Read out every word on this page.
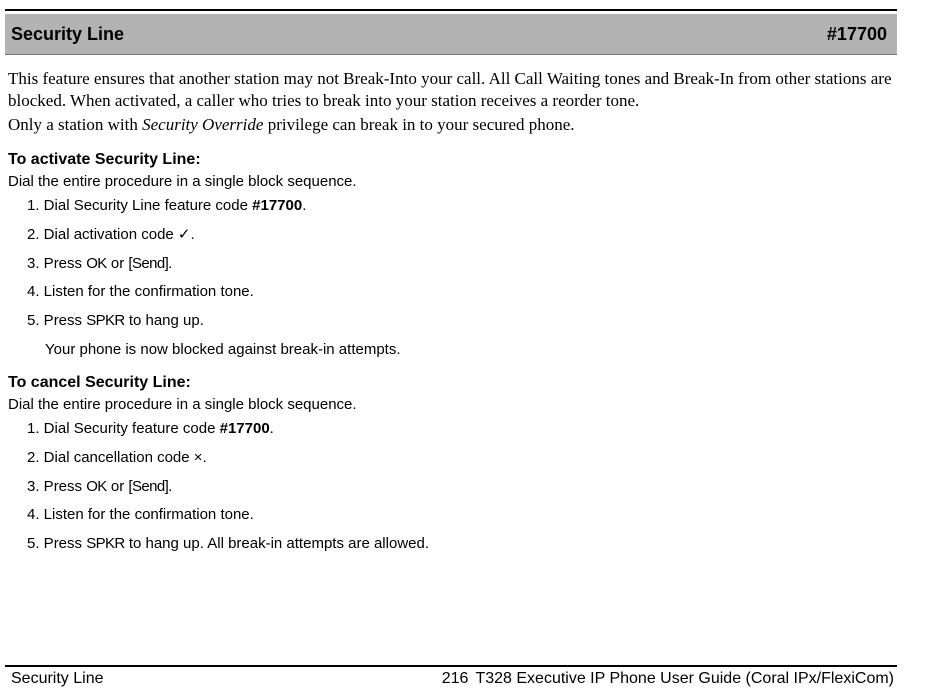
Security Line	#17700

This feature ensures that another station may not Break-Into your call. All Call Waiting tones and Break-In from other stations are blocked. When activated, a caller who tries to break into your station receives a reorder tone.

Only a station with Security Override privilege can break in to your secured phone.

To activate Security Line:

Dial the entire procedure in a single block sequence.

1. Dial Security Line feature code #17700.
2. Dial activation code ✓.
3. Press OK or [Send].
4. Listen for the confirmation tone.
5. Press SPKR to hang up.

Your phone is now blocked against break-in attempts.

To cancel Security Line:

Dial the entire procedure in a single block sequence.

1. Dial Security feature code #17700.
2. Dial cancellation code ×.
3. Press OK or [Send].
4. Listen for the confirmation tone.
5. Press SPKR to hang up. All break-in attempts are allowed.
Security Line	216 T328 Executive IP Phone User Guide (Coral IPx/FlexiCom)
